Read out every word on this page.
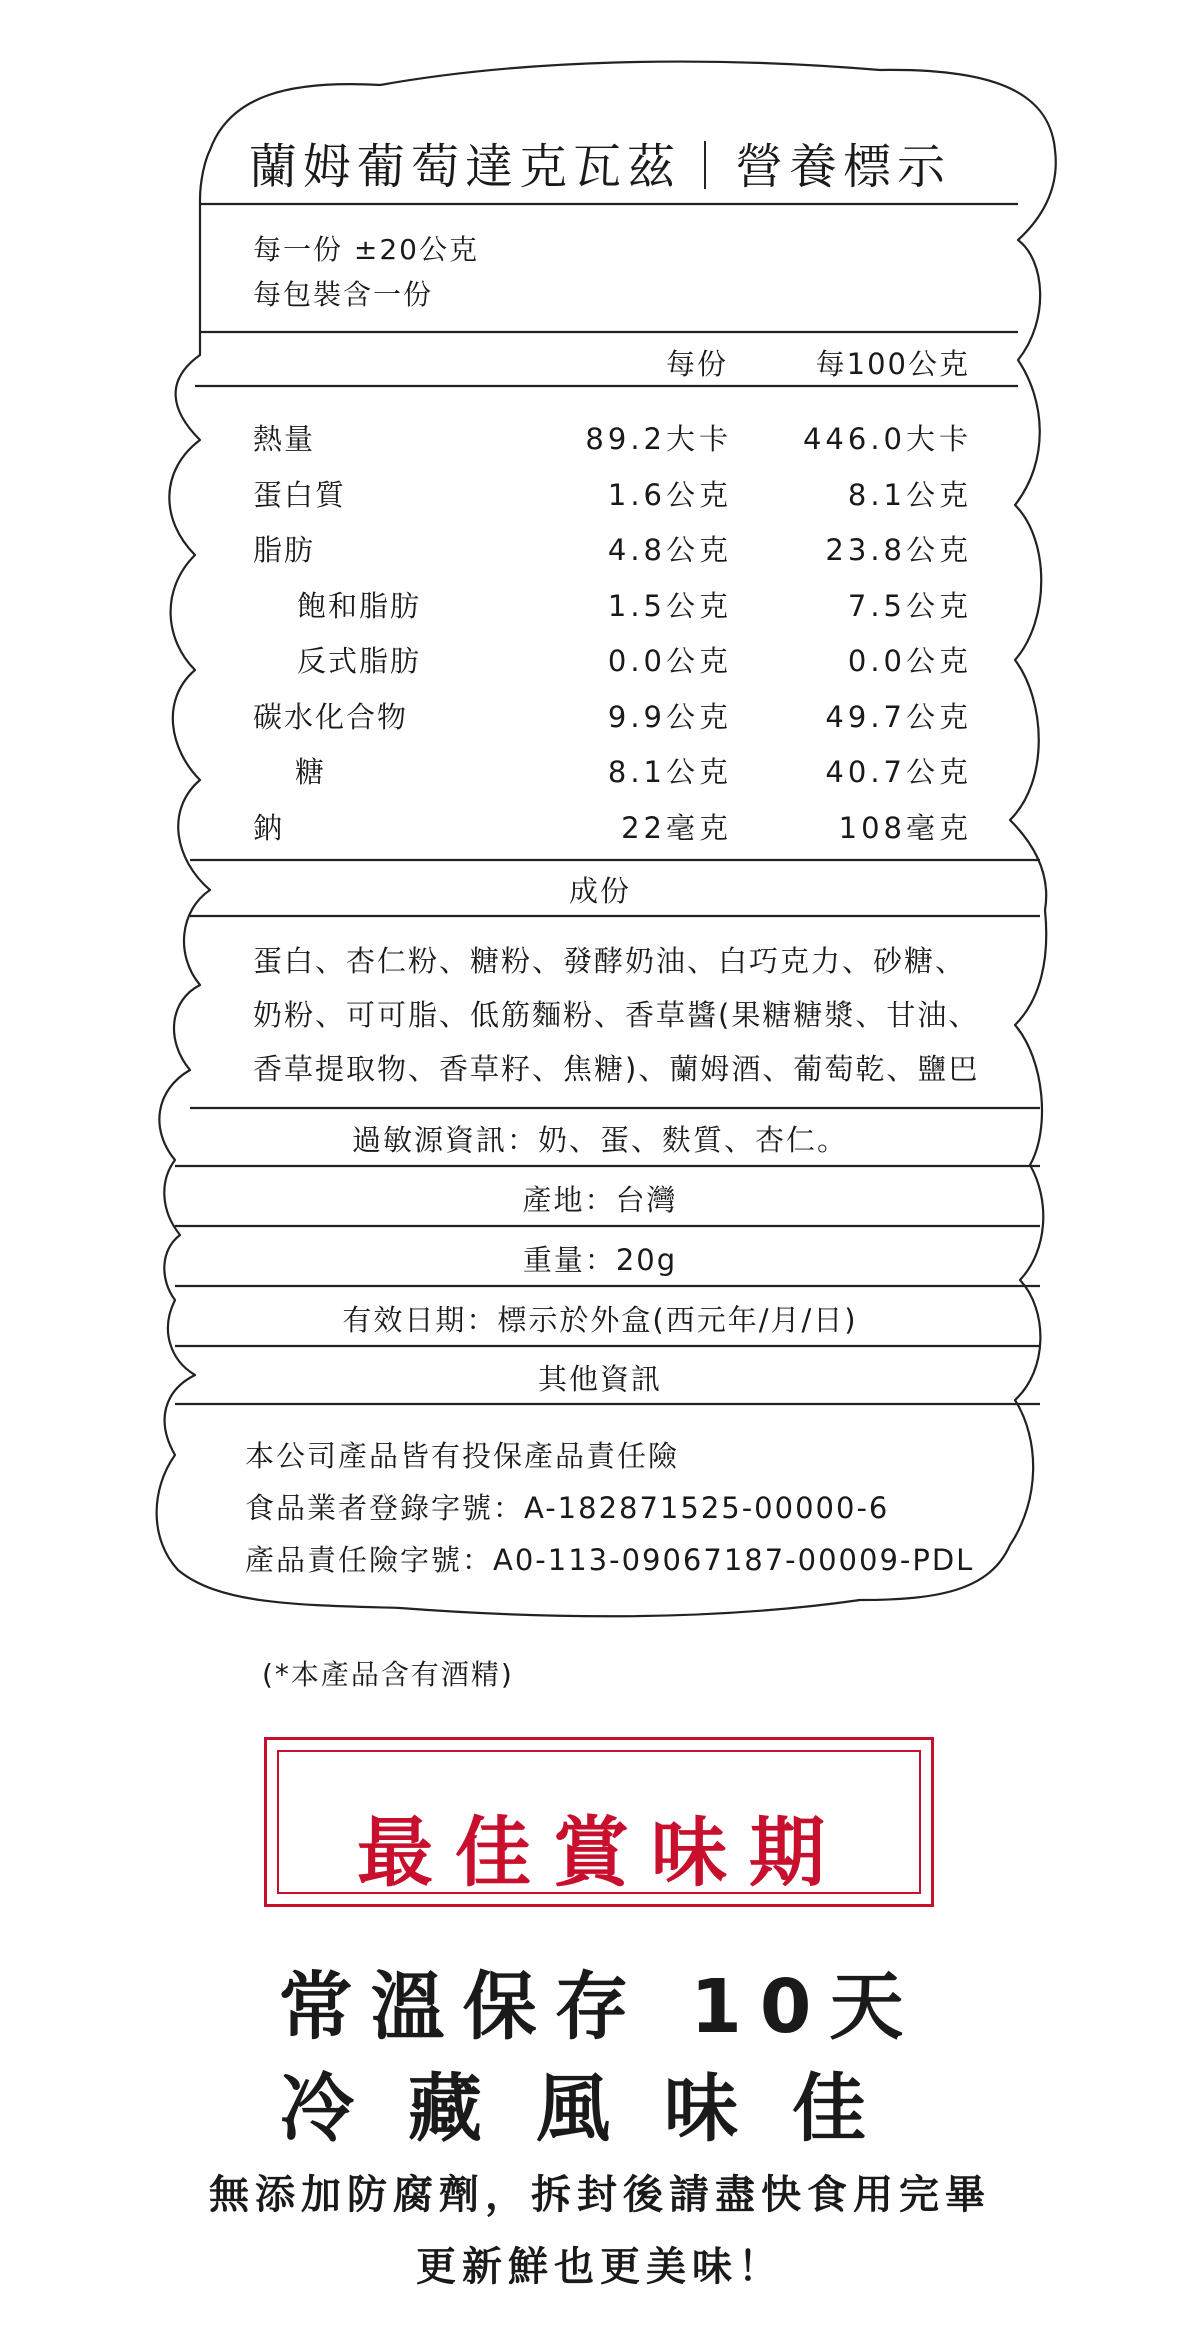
蘭姆葡萄達克瓦茲｜營養標示
每一份 ±20公克
每包裝含一份
每份	每100公克
熱量	89.2大卡	446.0大卡
蛋白質	1.6公克	8.1公克
脂肪	4.8公克	23.8公克
飽和脂肪	1.5公克	7.5公克
反式脂肪	0.0公克	0.0公克
碳水化合物	9.9公克	49.7公克
糖	8.1公克	40.7公克
鈉	22毫克	108毫克
成份
蛋白、杏仁粉、糖粉、發酵奶油、白巧克力、砂糖、
奶粉、可可脂、低筋麵粉、香草醬(果糖糖漿、甘油、
香草提取物、香草籽、焦糖)、蘭姆酒、葡萄乾、鹽巴
過敏源資訊：奶、蛋、麩質、杏仁。
產地：台灣
重量：20g
有效日期：標示於外盒(西元年/月/日)
其他資訊
本公司產品皆有投保產品責任險
食品業者登錄字號：A-182871525-00000-6
產品責任險字號：A0-113-09067187-00009-PDL
(*本產品含有酒精)
最佳賞味期
常溫保存 10天
冷藏風味佳
無添加防腐劑，拆封後請盡快食用完畢
更新鮮也更美味！
